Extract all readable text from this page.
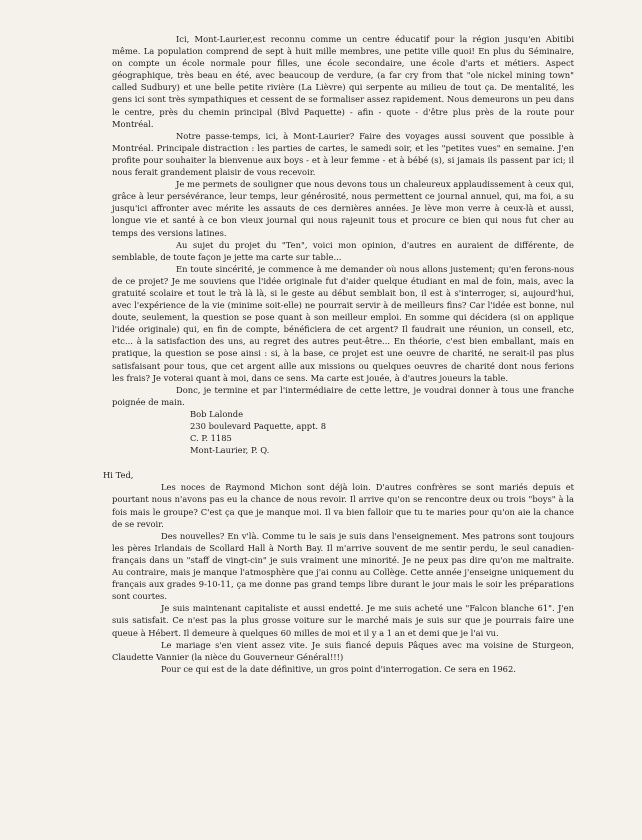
Ici, Mont-Laurier,est reconnu comme un centre éducatif pour la région jusqu'en Abitibi même. La population comprend de sept à huit mille membres, une petite ville quoi! En plus du Séminaire, on compte un école normale pour filles, une école secondaire, une école d'arts et métiers. Aspect géographique, très beau en été, avec beaucoup de verdure, (a far cry from that "ole nickel mining town" called Sudbury) et une belle petite rivière (La Lièvre) qui serpente au milieu de tout ça. De mentalité, les gens ici sont très sympathiques et cessent de se formaliser assez rapidement. Nous demeurons un peu dans le centre, près du chemin principal (Blvd Paquette) - afin - quote - d'être plus près de la route pour Montréal.

Notre passe-temps, ici, à Mont-Laurier? Faire des voyages aussi souvent que possible à Montréal. Principale distraction : les parties de cartes, le samedi soir, et les "petites vues" en semaine. J'en profite pour souhaiter la bienvenue aux boys - et à leur femme - et à bébé (s), si jamais ils passent par ici; il nous ferait grandement plaisir de vous recevoir.

Je me permets de souligner que nous devons tous un chaleureux applaudissement à ceux qui, grâce à leur persévérance, leur temps, leur générosité, nous permettent ce journal annuel, qui, ma foi, a su jusqu'ici affronter avec mérite les assauts de ces dernières années. Je lève mon verre à ceux-là et aussi, longue vie et santé à ce bon vieux journal qui nous rajeunit tous et procure ce bien qui nous fut cher au temps des versions latines.

Au sujet du projet du "Ten", voici mon opinion, d'autres en auraient de différente, de semblable, de toute façon je jette ma carte sur table...

En toute sincérité, je commence à me demander où nous allons justement; qu'en ferons-nous de ce projet? Je me souviens que l'idée originale fut d'aider quelque étudiant en mal de foin, mais, avec la gratuité scolaire et tout le trà là là, si le geste au début semblait bon, il est à s'interroger, si, aujourd'hui, avec l'expérience de la vie (minime soit-elle) ne pourrait servir à de meilleurs fins? Car l'idée est bonne, nul doute, seulement, la question se pose quant à son meilleur emploi. En somme qui décidera (si on applique l'idée originale) qui, en fin de compte, bénéficiera de cet argent? Il faudrait une réunion, un conseil, etc, etc... à la satisfaction des uns, au regret des autres peut-être... En théorie, c'est bien emballant, mais en pratique, la question se pose ainsi : si, à la base, ce projet est une oeuvre de charité, ne serait-il pas plus satisfaisant pour tous, que cet argent aille aux missions ou quelques oeuvres de charité dont nous ferions les frais? Je voterai quant à moi, dans ce sens. Ma carte est jouée, à d'autres joueurs la table.

Donc, je termine et par l'intermédiaire de cette lettre, je voudrai donner à tous une franche poignée de main.

Bob Lalonde

230 boulevard Paquette, appt. 8

C. P. 1185

Mont-Laurier, P. Q.

Hi Ted,

Les noces de Raymond Michon sont déjà loin. D'autres confrères se sont mariés depuis et pourtant nous n'avons pas eu la chance de nous revoir. Il arrive qu'on se rencontre deux ou trois "boys" à la fois mais le groupe? C'est ça que je manque moi. Il va bien falloir que tu te maries pour qu'on aie la chance de se revoir.

Des nouvelles? En v'là. Comme tu le sais je suis dans l'enseignement. Mes patrons sont toujours les pères Irlandais de Scollard Hall à North Bay. Il m'arrive souvent de me sentir perdu, le seul canadien-français dans un "staff de vingt-cin" je suis vraiment une minorité. Je ne peux pas dire qu'on me maltraite. Au contraire, mais je manque l'atmosphère que j'ai connu au Collège. Cette année j'enseigne uniquement du français aux grades 9-10-11, ça me donne pas grand temps libre durant le jour mais le soir les préparations sont courtes.

Je suis maintenant capitaliste et aussi endetté. Je me suis acheté une "Falcon blanche 61". J'en suis satisfait. Ce n'est pas la plus grosse voiture sur le marché mais je suis sur que je pourrais faire une queue à Hébert. Il demeure à quelques 60 milles de moi et il y a 1 an et demi que je l'ai vu.

Le mariage s'en vient assez vite. Je suis fiancé depuis Pâques avec ma voisine de Sturgeon, Claudette Vannier (la nièce du Gouverneur Général!!!)

Pour ce qui est de la date définitive, un gros point d'interrogation. Ce sera en 1962.
